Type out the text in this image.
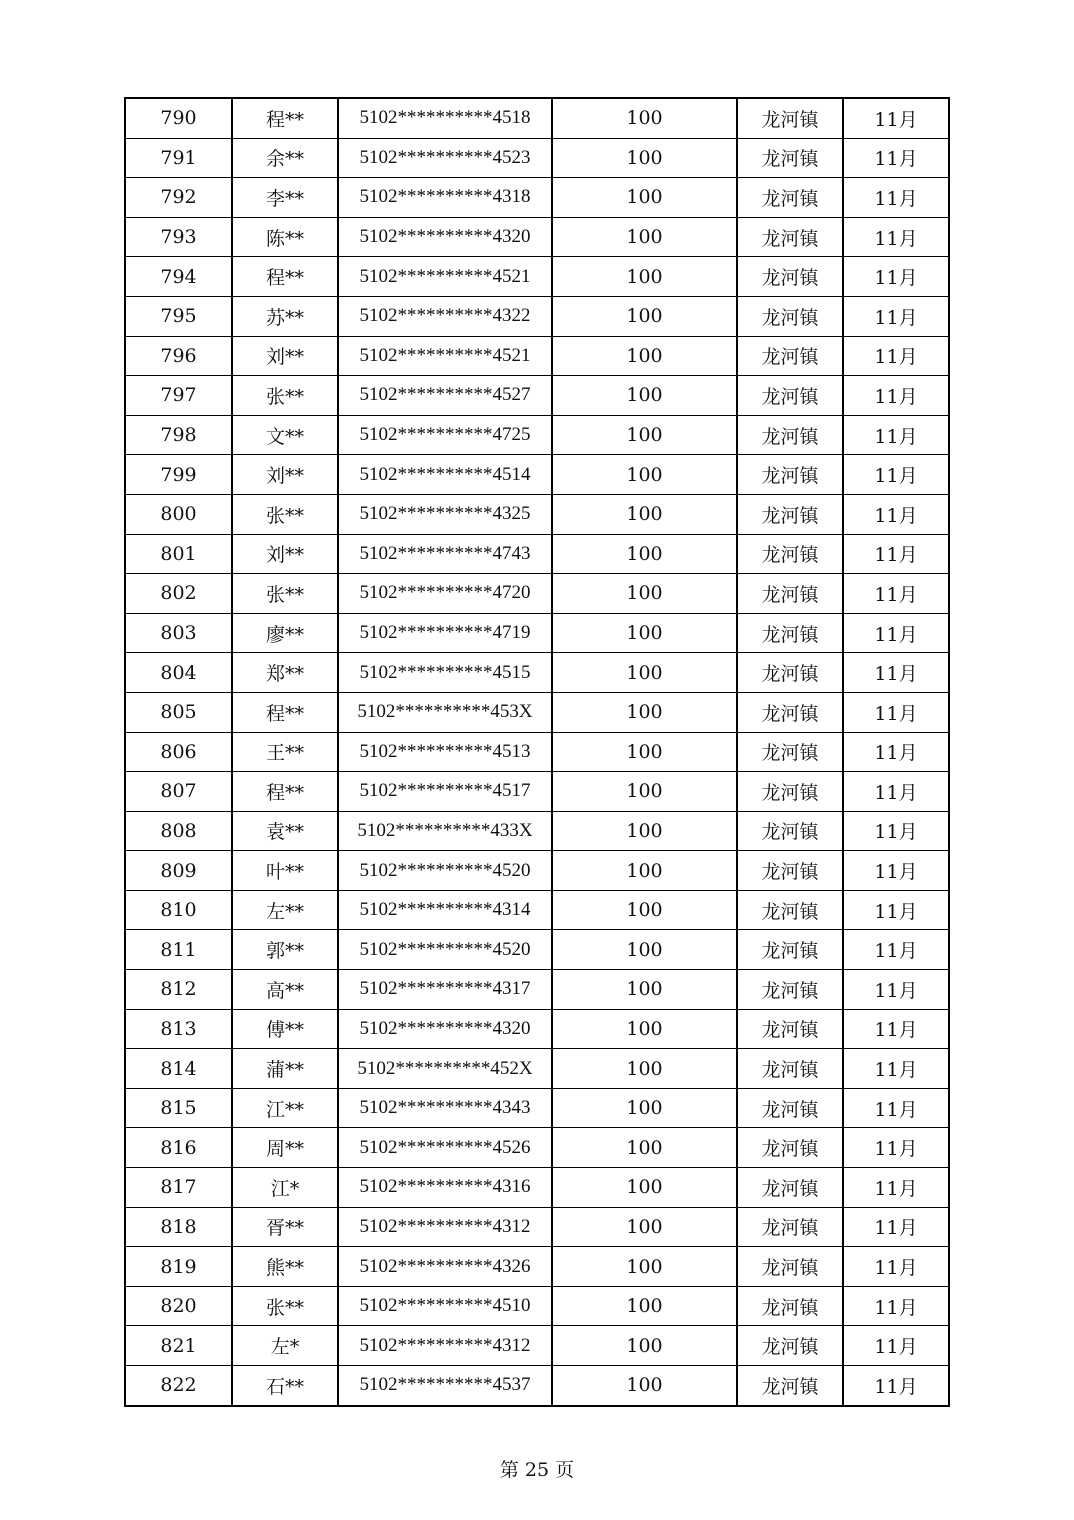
790	程**	5102**********4518	100	龙河镇	11月
791	余**	5102**********4523	100	龙河镇	11月
792	李**	5102**********4318	100	龙河镇	11月
793	陈**	5102**********4320	100	龙河镇	11月
794	程**	5102**********4521	100	龙河镇	11月
795	苏**	5102**********4322	100	龙河镇	11月
796	刘**	5102**********4521	100	龙河镇	11月
797	张**	5102**********4527	100	龙河镇	11月
798	文**	5102**********4725	100	龙河镇	11月
799	刘**	5102**********4514	100	龙河镇	11月
800	张**	5102**********4325	100	龙河镇	11月
801	刘**	5102**********4743	100	龙河镇	11月
802	张**	5102**********4720	100	龙河镇	11月
803	廖**	5102**********4719	100	龙河镇	11月
804	郑**	5102**********4515	100	龙河镇	11月
805	程**	5102**********453X	100	龙河镇	11月
806	王**	5102**********4513	100	龙河镇	11月
807	程**	5102**********4517	100	龙河镇	11月
808	袁**	5102**********433X	100	龙河镇	11月
809	叶**	5102**********4520	100	龙河镇	11月
810	左**	5102**********4314	100	龙河镇	11月
811	郭**	5102**********4520	100	龙河镇	11月
812	高**	5102**********4317	100	龙河镇	11月
813	傅**	5102**********4320	100	龙河镇	11月
814	蒲**	5102**********452X	100	龙河镇	11月
815	江**	5102**********4343	100	龙河镇	11月
816	周**	5102**********4526	100	龙河镇	11月
817	江*	5102**********4316	100	龙河镇	11月
818	胥**	5102**********4312	100	龙河镇	11月
819	熊**	5102**********4326	100	龙河镇	11月
820	张**	5102**********4510	100	龙河镇	11月
821	左*	5102**********4312	100	龙河镇	11月
822	石**	5102**********4537	100	龙河镇	11月
第 25 页
